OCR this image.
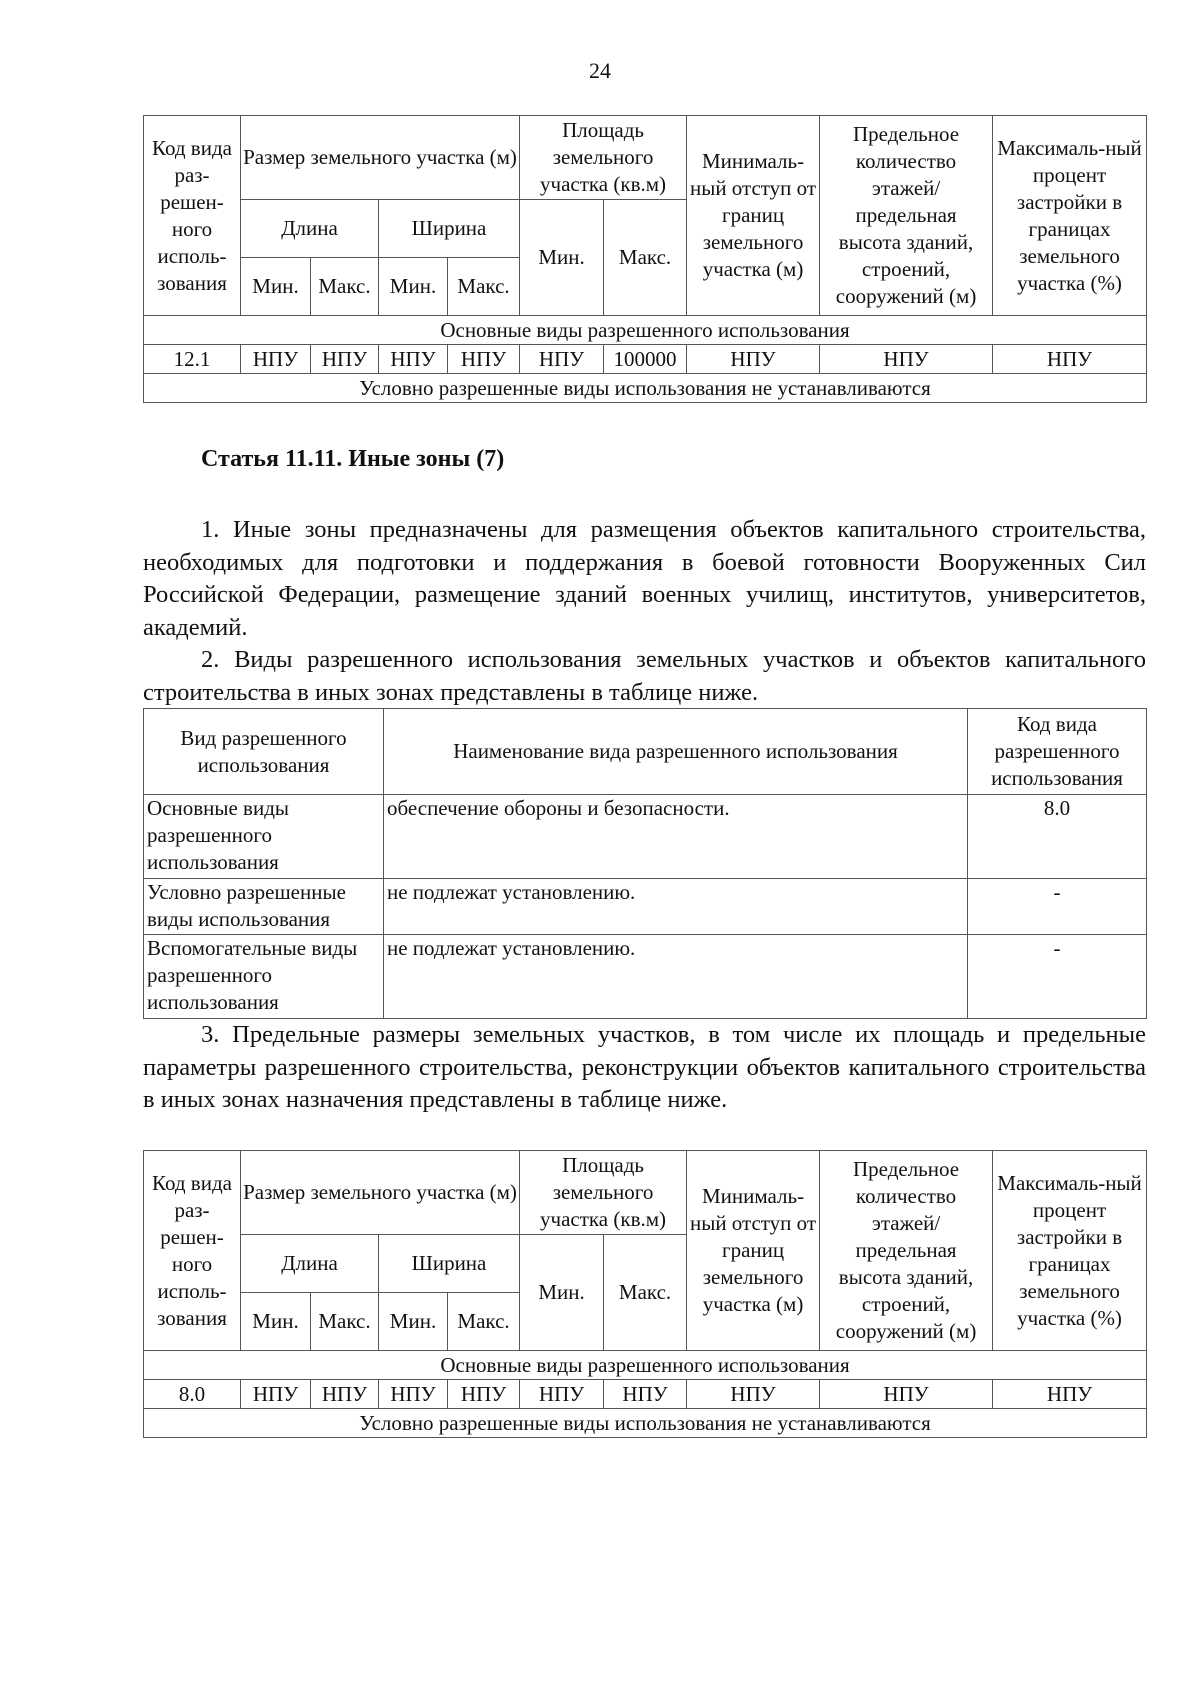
24
Код вида раз-решен-ного исполь-зования	Размер земельного участка (м)				Площадь земельного участка (кв.м)		Минималь-ный отступ от границ земельного участка (м)	Предельное количество этажей/ предельная высота зданий, строений, сооружений (м)	Максималь-ный процент застройки в границах земельного участка (%)
	Длина		Ширина		Мин.	Макс.			
	Мин.	Макс.	Мин.	Макс.					
Основные виды разрешенного использования									
12.1	НПУ	НПУ	НПУ	НПУ	НПУ	100000	НПУ	НПУ	НПУ
Условно разрешенные виды использования не устанавливаются									
Статья 11.11. Иные зоны (7)

1. Иные зоны предназначены для размещения объектов капитального строительства, необходимых для подготовки и поддержания в боевой готовности Вооруженных Сил Российской Федерации, размещение зданий военных училищ, институтов, университетов, академий.

2. Виды разрешенного использования земельных участков и объектов капитального строительства в иных зонах представлены в таблице ниже.

Вид разрешенного использования	Наименование вида разрешенного использования	Код вида разрешенного использования
Основные виды разрешенного использования	обеспечение обороны и безопасности.	8.0
Условно разрешенные виды использования	не подлежат установлению.	-
Вспомогательные виды разрешенного использования	не подлежат установлению.	-

3. Предельные размеры земельных участков, в том числе их площадь и предельные параметры разрешенного строительства, реконструкции объектов капитального строительства в иных зонах назначения представлены в таблице ниже.

Код вида раз-решен-ного исполь-зования	Размер земельного участка (м)				Площадь земельного участка (кв.м)		Минималь-ный отступ от границ земельного участка (м)	Предельное количество этажей/ предельная высота зданий, строений, сооружений (м)	Максималь-ный процент застройки в границах земельного участка (%)
	Длина		Ширина		Мин.	Макс.			
	Мин.	Макс.	Мин.	Макс.					
Основные виды разрешенного использования									
8.0	НПУ	НПУ	НПУ	НПУ	НПУ	НПУ	НПУ	НПУ	НПУ
Условно разрешенные виды использования не устанавливаются									
